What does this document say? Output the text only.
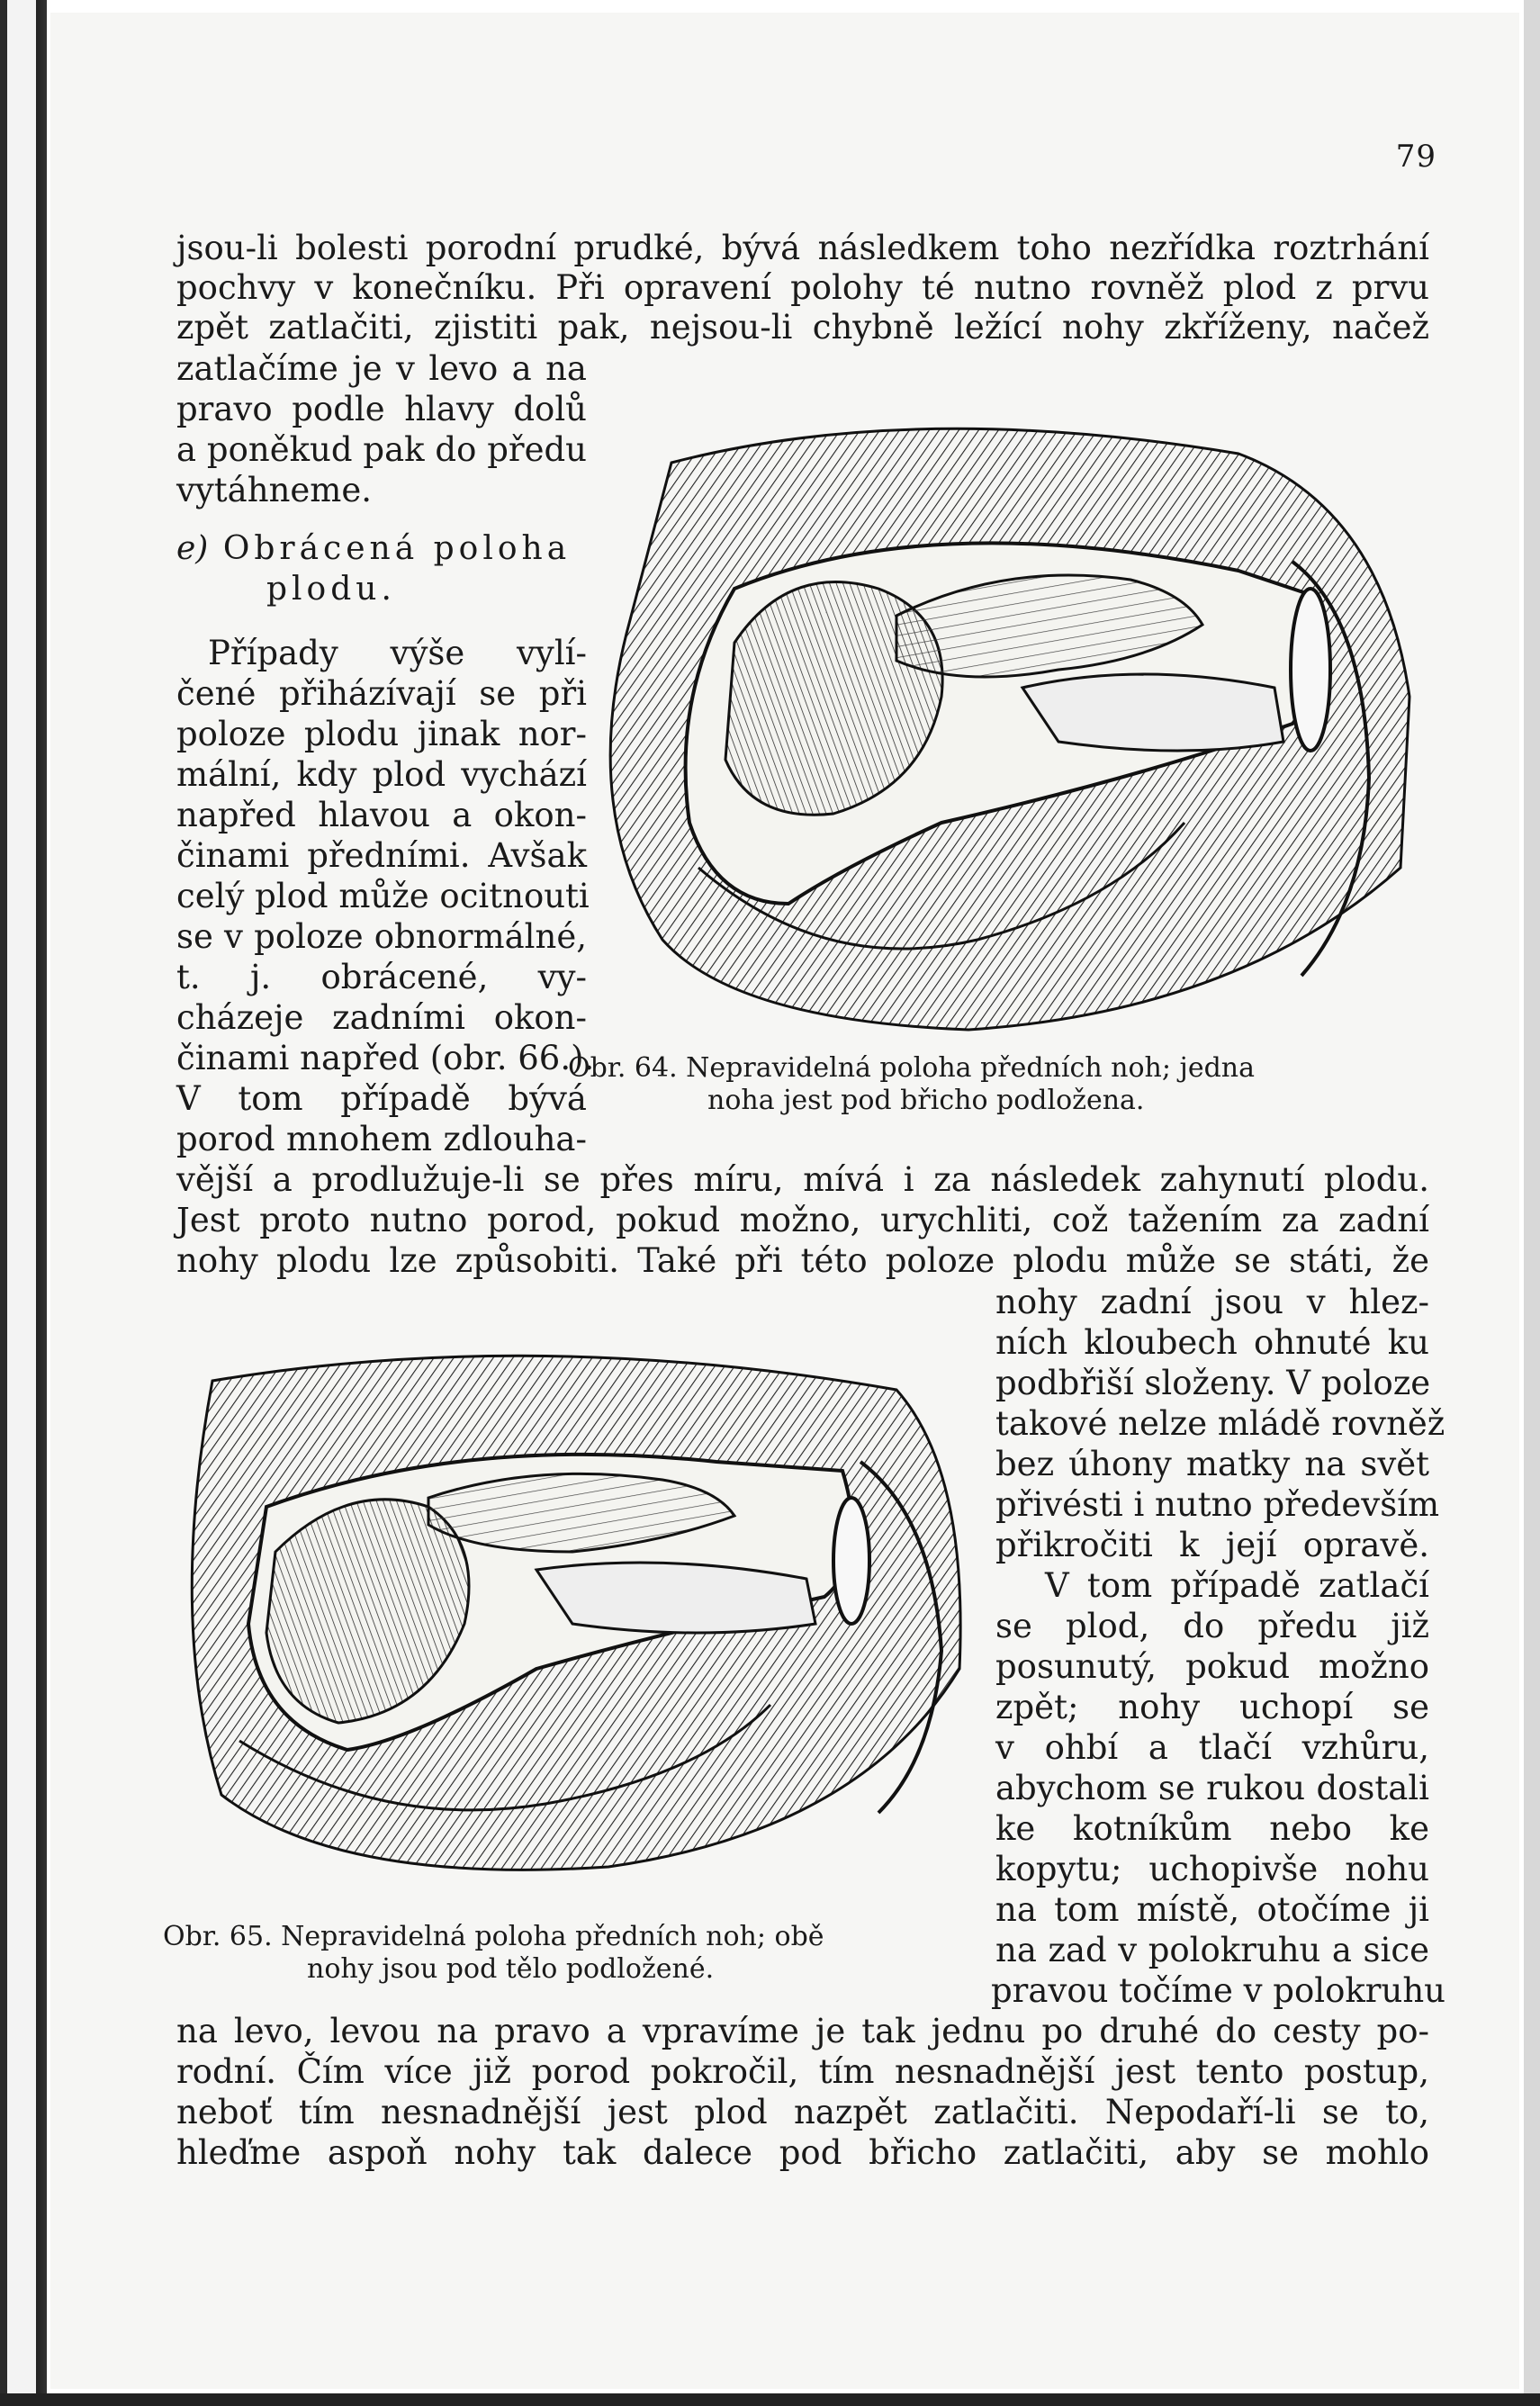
79
jsou-li bolesti porodní prudké, bývá následkem toho nezřídka roztrhání
pochvy v konečníku. Při opravení polohy té nutno rovněž plod z prvu
zpět zatlačiti, zjistiti pak, nejsou-li chybně ležící nohy zkříženy, načež
zatlačíme je v levo a na
pravo podle hlavy dolů
a poněkud pak do předu
vytáhneme.
e) Obrácená poloha
plodu.
Případy výše vylí-
čené přiházívají se při
poloze plodu jinak nor-
mální, kdy plod vychází
napřed hlavou a okon-
činami předními. Avšak
celý plod může ocitnouti
se v poloze obnormálné,
t. j. obrácené, vy-
cházeje zadními okon-
činami napřed (obr. 66.).
V tom případě bývá
porod mnohem zdlouha-
Obr. 64. Nepravidelná poloha předních noh; jedna
noha jest pod břicho podložena.
vější a prodlužuje-li se přes míru, mívá i za následek zahynutí plodu.
Jest proto nutno porod, pokud možno, urychliti, což tažením za zadní
nohy plodu lze způsobiti. Také při této poloze plodu může se státi, že
Obr. 65. Nepravidelná poloha předních noh; obě
nohy jsou pod tělo podložené.
nohy zadní jsou v hlez-
ních kloubech ohnuté ku
podbřiší složeny. V poloze
takové nelze mládě rovněž
bez úhony matky na svět
přivésti i nutno především
přikročiti k její opravě.
V tom případě zatlačí
se plod, do předu již
posunutý, pokud možno
zpět; nohy uchopí se
v ohbí a tlačí vzhůru,
abychom se rukou dostali
ke kotníkům nebo ke
kopytu; uchopivše nohu
na tom místě, otočíme ji
na zad v polokruhu a sice
pravou točíme v polokruhu
na levo, levou na pravo a vpravíme je tak jednu po druhé do cesty po-
rodní. Čím více již porod pokročil, tím nesnadnější jest tento postup,
neboť tím nesnadnější jest plod nazpět zatlačiti. Nepodaří-li se to,
hleďme aspoň nohy tak dalece pod břicho zatlačiti, aby se mohlo
